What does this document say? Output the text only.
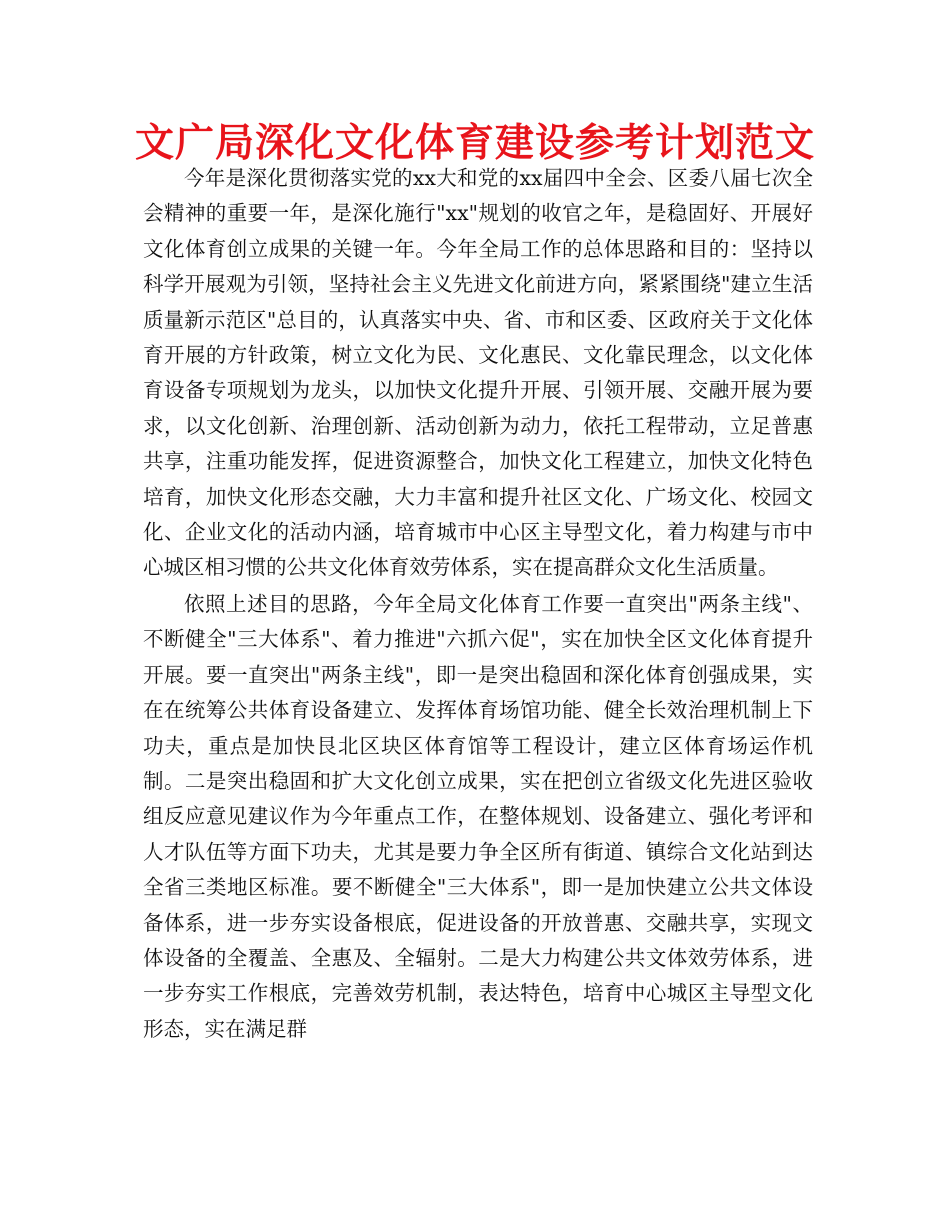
文广局深化文化体育建设参考计划范文

今年是深化贯彻落实党的xx大和党的xx届四中全会、区委八届七次全会精神的重要一年，是深化施行"xx"规划的收官之年，是稳固好、开展好文化体育创立成果的关键一年。今年全局工作的总体思路和目的：坚持以科学开展观为引领，坚持社会主义先进文化前进方向，紧紧围绕"建立生活质量新示范区"总目的，认真落实中央、省、市和区委、区政府关于文化体育开展的方针政策，树立文化为民、文化惠民、文化靠民理念，以文化体育设备专项规划为龙头，以加快文化提升开展、引领开展、交融开展为要求，以文化创新、治理创新、活动创新为动力，依托工程带动，立足普惠共享，注重功能发挥，促进资源整合，加快文化工程建立，加快文化特色培育，加快文化形态交融，大力丰富和提升社区文化、广场文化、校园文化、企业文化的活动内涵，培育城市中心区主导型文化，着力构建与市中心城区相习惯的公共文化体育效劳体系，实在提高群众文化生活质量。

依照上述目的思路，今年全局文化体育工作要一直突出"两条主线"、不断健全"三大体系"、着力推进"六抓六促"，实在加快全区文化体育提升开展。要一直突出"两条主线"，即一是突出稳固和深化体育创强成果，实在在统筹公共体育设备建立、发挥体育场馆功能、健全长效治理机制上下功夫，重点是加快艮北区块区体育馆等工程设计，建立区体育场运作机制。二是突出稳固和扩大文化创立成果，实在把创立省级文化先进区验收组反应意见建议作为今年重点工作，在整体规划、设备建立、强化考评和人才队伍等方面下功夫，尤其是要力争全区所有街道、镇综合文化站到达全省三类地区标准。要不断健全"三大体系"，即一是加快建立公共文体设备体系，进一步夯实设备根底，促进设备的开放普惠、交融共享，实现文体设备的全覆盖、全惠及、全辐射。二是大力构建公共文体效劳体系，进一步夯实工作根底，完善效劳机制，表达特色，培育中心城区主导型文化形态，实在满足群
